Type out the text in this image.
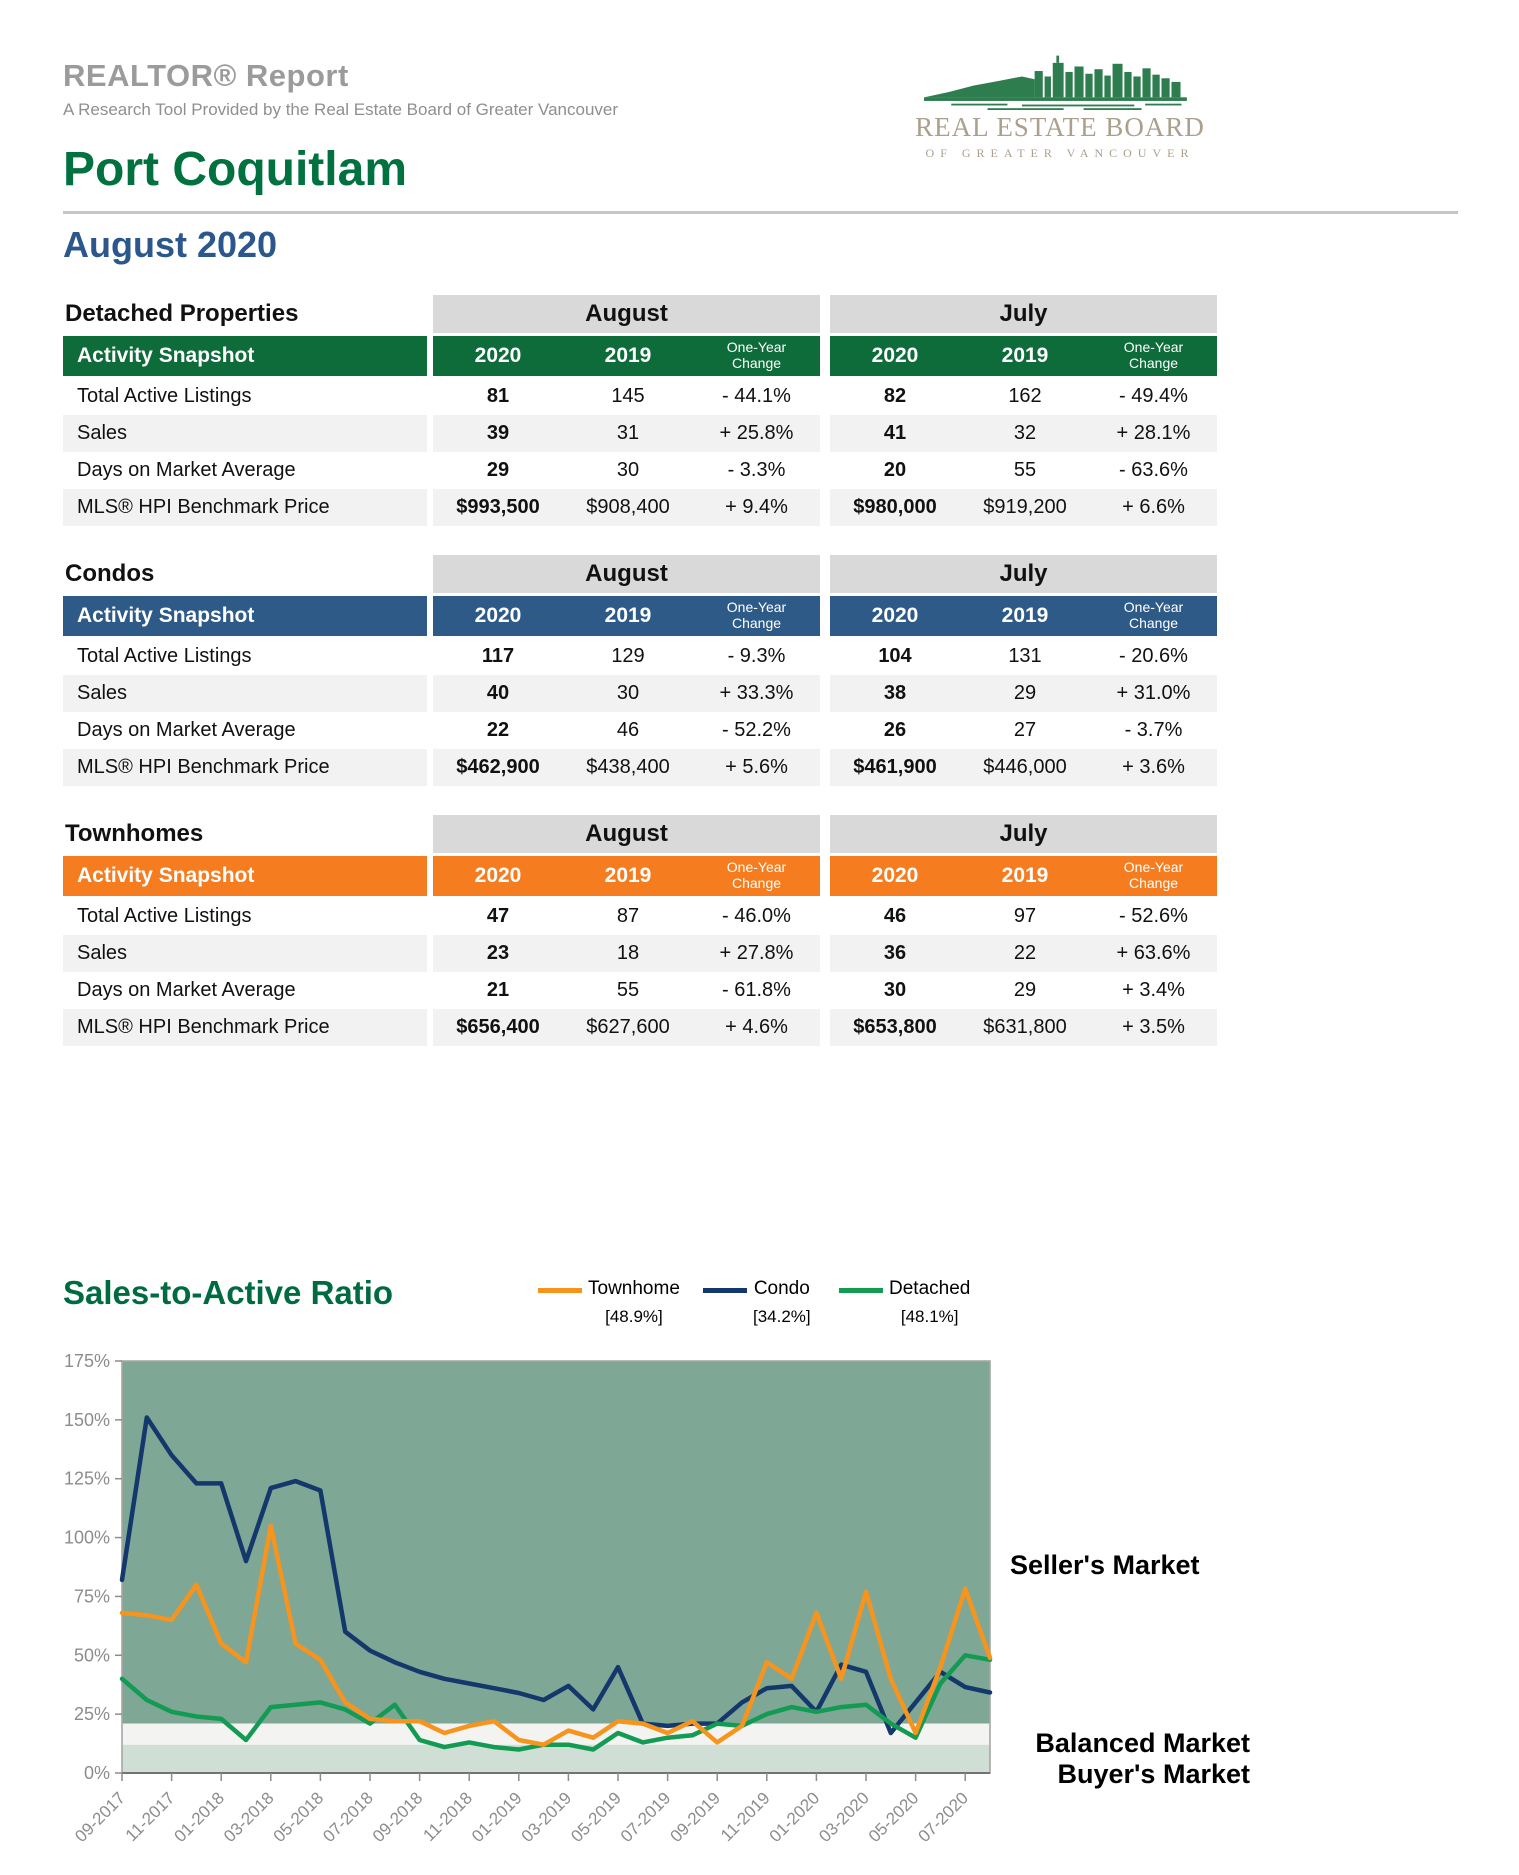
REALTOR® Report
A Research Tool Provided by the Real Estate Board of Greater Vancouver
REAL ESTATE BOARD
OF GREATER VANCOUVER
Port Coquitlam
August 2020
Detached Properties	August	July
Activity Snapshot	2020	2019	One-Year Change	2020	2019	One-Year Change
Total Active Listings	81	145	- 44.1%	82	162	- 49.4%
Sales	39	31	+ 25.8%	41	32	+ 28.1%
Days on Market Average	29	30	- 3.3%	20	55	- 63.6%
MLS® HPI Benchmark Price	$993,500	$908,400	+ 9.4%	$980,000	$919,200	+ 6.6%
Condos	August	July
Activity Snapshot	2020	2019	One-Year Change	2020	2019	One-Year Change
Total Active Listings	117	129	- 9.3%	104	131	- 20.6%
Sales	40	30	+ 33.3%	38	29	+ 31.0%
Days on Market Average	22	46	- 52.2%	26	27	- 3.7%
MLS® HPI Benchmark Price	$462,900	$438,400	+ 5.6%	$461,900	$446,000	+ 3.6%
Townhomes	August	July
Activity Snapshot	2020	2019	One-Year Change	2020	2019	One-Year Change
Total Active Listings	47	87	- 46.0%	46	97	- 52.6%
Sales	23	18	+ 27.8%	36	22	+ 63.6%
Days on Market Average	21	55	- 61.8%	30	29	+ 3.4%
MLS® HPI Benchmark Price	$656,400	$627,600	+ 4.6%	$653,800	$631,800	+ 3.5%
Sales-to-Active Ratio	Townhome
[48.9%]
Condo
[34.2%]
Detached
[48.1%]
0%
25%
50%
75%
100%
125%
150%
175%
09-2017
11-2017
01-2018
03-2018
05-2018
07-2018
09-2018
11-2018
01-2019
03-2019
05-2019
07-2019
09-2019
11-2019
01-2020
03-2020
05-2020
07-2020
Seller's Market
Balanced Market
Buyer's Market
